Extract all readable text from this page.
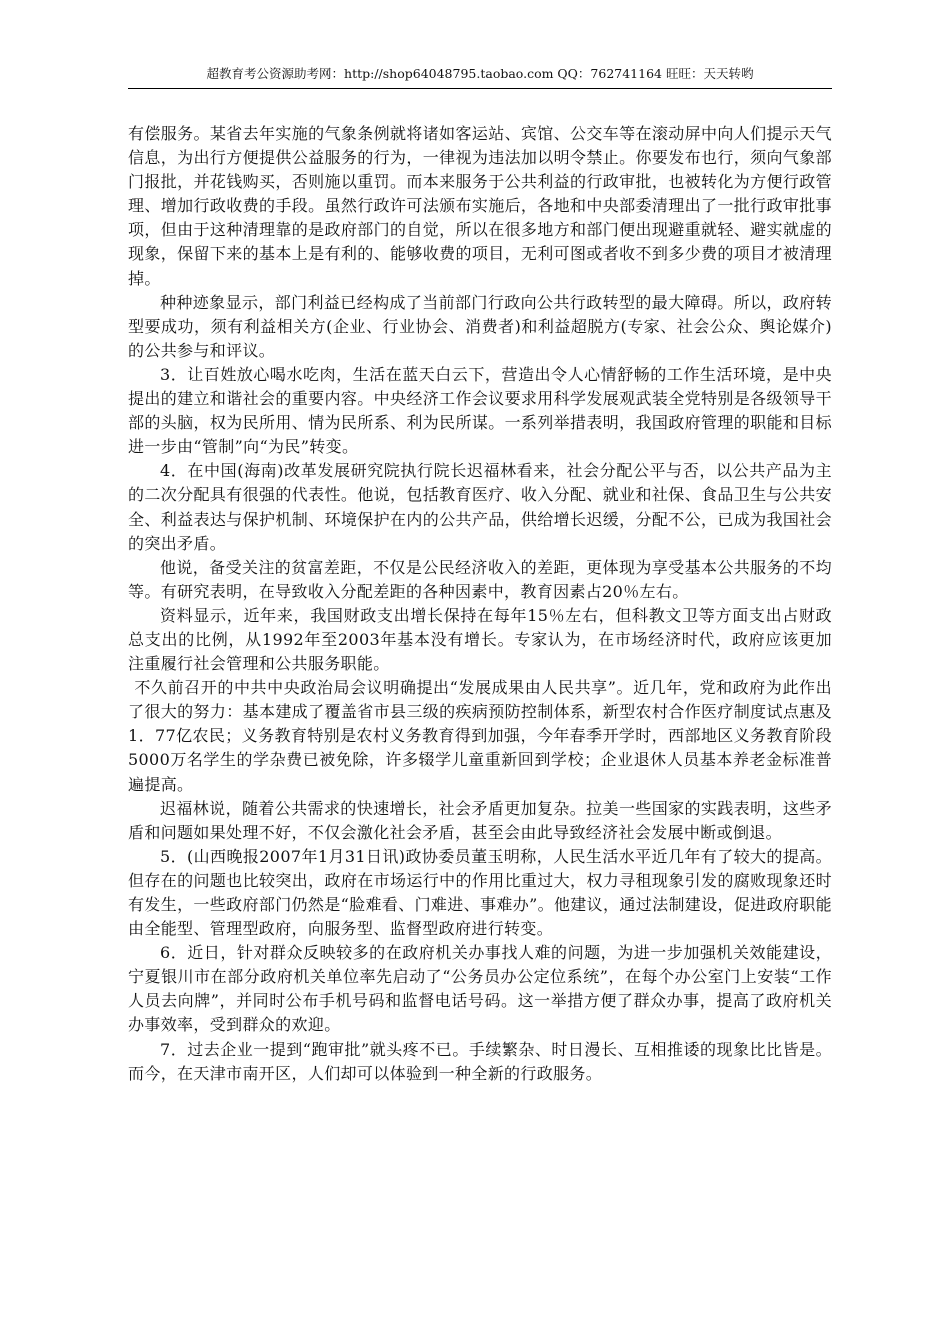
超教育考公资源助考网：http://shop64048795.taobao.com QQ：762741164 旺旺：天天转哟

有偿服务。某省去年实施的气象条例就将诸如客运站、宾馆、公交车等在滚动屏中向人们提示天气信息，为出行方便提供公益服务的行为，一律视为违法加以明令禁止。你要发布也行，须向气象部门报批，并花钱购买，否则施以重罚。而本来服务于公共利益的行政审批，也被转化为方便行政管理、增加行政收费的手段。虽然行政许可法颁布实施后，各地和中央部委清理出了一批行政审批事项，但由于这种清理靠的是政府部门的自觉，所以在很多地方和部门便出现避重就轻、避实就虚的现象，保留下来的基本上是有利的、能够收费的项目，无利可图或者收不到多少费的项目才被清理掉。

种种迹象显示，部门利益已经构成了当前部门行政向公共行政转型的最大障碍。所以，政府转型要成功，须有利益相关方(企业、行业协会、消费者)和利益超脱方(专家、社会公众、舆论媒介)的公共参与和评议。

3．让百姓放心喝水吃肉，生活在蓝天白云下，营造出令人心情舒畅的工作生活环境，是中央提出的建立和谐社会的重要内容。中央经济工作会议要求用科学发展观武装全党特别是各级领导干部的头脑，权为民所用、情为民所系、利为民所谋。一系列举措表明，我国政府管理的职能和目标进一步由“管制”向“为民”转变。

4．在中国(海南)改革发展研究院执行院长迟福林看来，社会分配公平与否，以公共产品为主的二次分配具有很强的代表性。他说，包括教育医疗、收入分配、就业和社保、食品卫生与公共安全、利益表达与保护机制、环境保护在内的公共产品，供给增长迟缓，分配不公，已成为我国社会的突出矛盾。

他说，备受关注的贫富差距，不仅是公民经济收入的差距，更体现为享受基本公共服务的不均等。有研究表明，在导致收入分配差距的各种因素中，教育因素占20％左右。

资料显示，近年来，我国财政支出增长保持在每年15％左右，但科教文卫等方面支出占财政总支出的比例，从1992年至2003年基本没有增长。专家认为，在市场经济时代，政府应该更加注重履行社会管理和公共服务职能。

不久前召开的中共中央政治局会议明确提出“发展成果由人民共享”。近几年，党和政府为此作出了很大的努力：基本建成了覆盖省市县三级的疾病预防控制体系，新型农村合作医疗制度试点惠及1．77亿农民；义务教育特别是农村义务教育得到加强，今年春季开学时，西部地区义务教育阶段5000万名学生的学杂费已被免除，许多辍学儿童重新回到学校；企业退休人员基本养老金标准普遍提高。

迟福林说，随着公共需求的快速增长，社会矛盾更加复杂。拉美一些国家的实践表明，这些矛盾和问题如果处理不好，不仅会激化社会矛盾，甚至会由此导致经济社会发展中断或倒退。

5．(山西晚报2007年1月31日讯)政协委员董玉明称，人民生活水平近几年有了较大的提高。但存在的问题也比较突出，政府在市场运行中的作用比重过大，权力寻租现象引发的腐败现象还时有发生，一些政府部门仍然是“脸难看、门难进、事难办”。他建议，通过法制建设，促进政府职能由全能型、管理型政府，向服务型、监督型政府进行转变。

6．近日，针对群众反映较多的在政府机关办事找人难的问题，为进一步加强机关效能建设，宁夏银川市在部分政府机关单位率先启动了“公务员办公定位系统”，在每个办公室门上安装“工作人员去向牌”，并同时公布手机号码和监督电话号码。这一举措方便了群众办事，提高了政府机关办事效率，受到群众的欢迎。

7．过去企业一提到“跑审批”就头疼不已。手续繁杂、时日漫长、互相推诿的现象比比皆是。而今，在天津市南开区，人们却可以体验到一种全新的行政服务。
